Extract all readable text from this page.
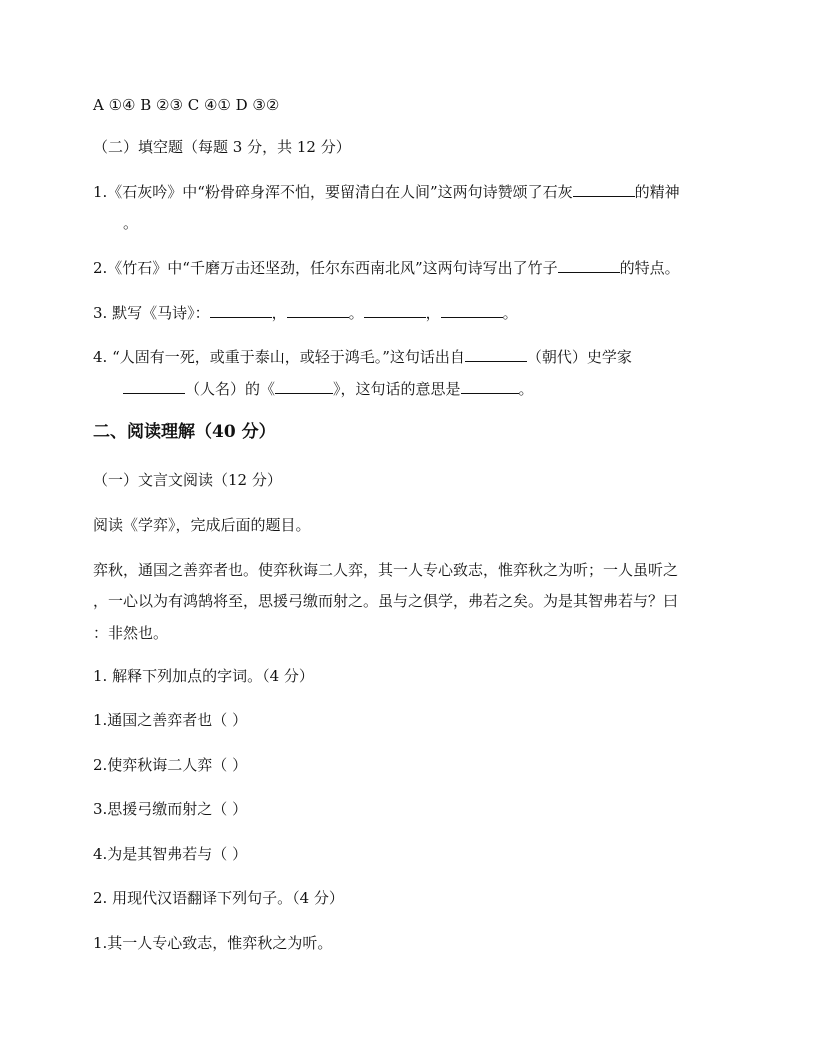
A ①④ B ②③ C ④① D ③②
（二）填空题（每题 3 分，共 12 分）
1.《石灰吟》中“粉骨碎身浑不怕，要留清白在人间”这两句诗赞颂了石灰	的精神
。
2.《竹石》中“千磨万击还坚劲，任尔东西南北风”这两句诗写出了竹子	的特点。
3. 默写《马诗》：	，	。	，	。
4. “人固有一死，或重于泰山，或轻于鸿毛。”这句话出自	（朝代）史学家
（人名）的《	》，这句话的意思是	。
二、阅读理解（40 分）
（一）文言文阅读（12 分）
阅读《学弈》，完成后面的题目。
弈秋，通国之善弈者也。使弈秋诲二人弈，其一人专心致志，惟弈秋之为听；一人虽听之
，一心以为有鸿鹄将至，思援弓缴而射之。虽与之俱学，弗若之矣。为是其智弗若与？曰
：非然也。
1. 解释下列加点的字词。（4 分）
1.通国之善弈者也（ ）
2.使弈秋诲二人弈（ ）
3.思援弓缴而射之（ ）
4.为是其智弗若与（ ）
2. 用现代汉语翻译下列句子。（4 分）
1.其一人专心致志，惟弈秋之为听。
